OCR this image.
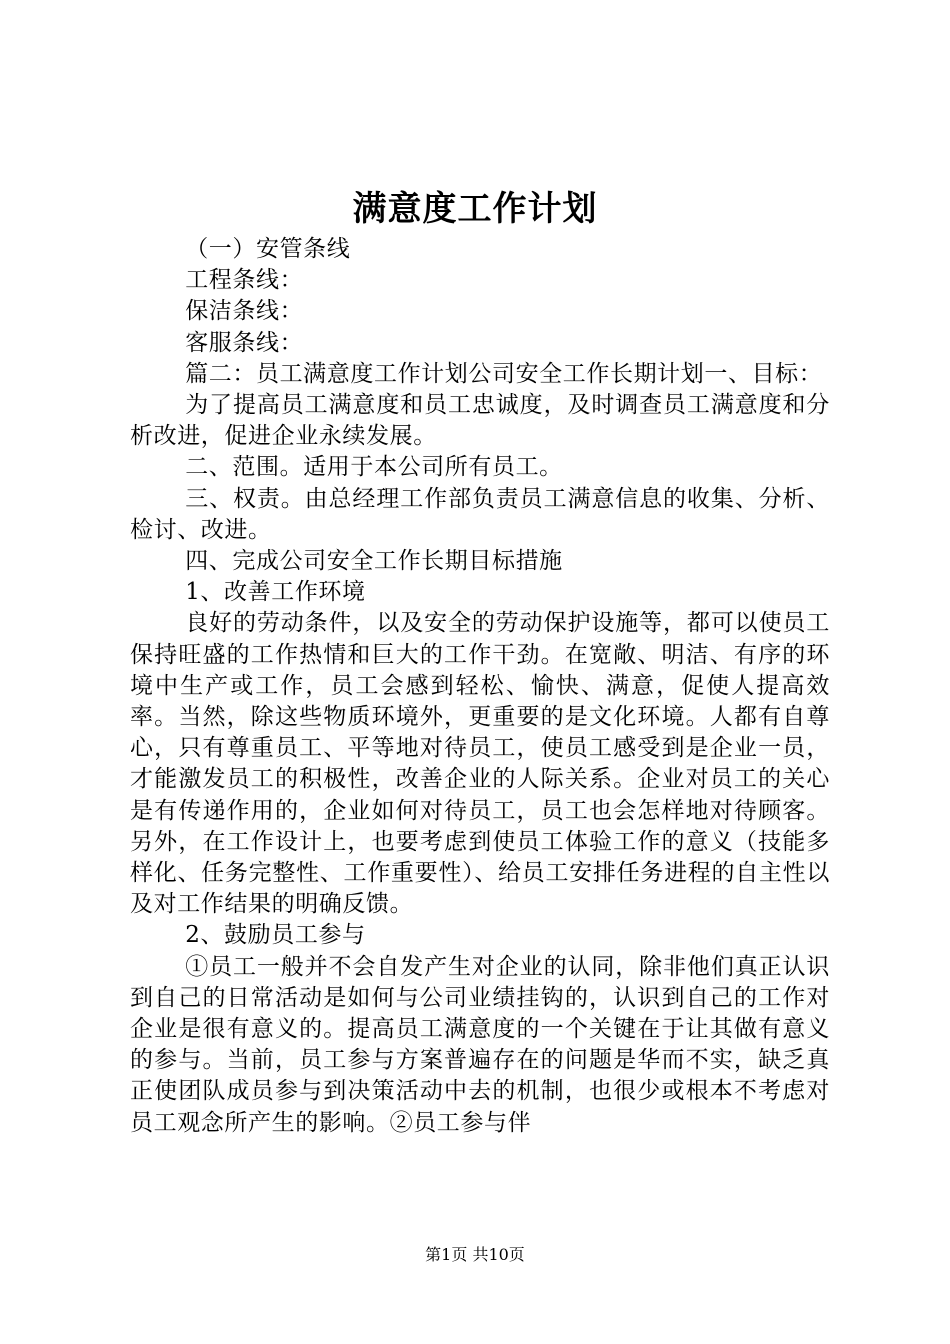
满意度工作计划

（一）安管条线

工程条线：

保洁条线：

客服条线：

篇二：员工满意度工作计划公司安全工作长期计划一、目标：

为了提高员工满意度和员工忠诚度，及时调查员工满意度和分析改进，促进企业永续发展。

二、范围。适用于本公司所有员工。

三、权责。由总经理工作部负责员工满意信息的收集、分析、检讨、改进。

四、完成公司安全工作长期目标措施

1、改善工作环境

良好的劳动条件，以及安全的劳动保护设施等，都可以使员工保持旺盛的工作热情和巨大的工作干劲。在宽敞、明洁、有序的环境中生产或工作，员工会感到轻松、愉快、满意，促使人提高效率。当然，除这些物质环境外，更重要的是文化环境。人都有自尊心，只有尊重员工、平等地对待员工，使员工感受到是企业一员，才能激发员工的积极性，改善企业的人际关系。企业对员工的关心是有传递作用的，企业如何对待员工，员工也会怎样地对待顾客。另外，在工作设计上，也要考虑到使员工体验工作的意义（技能多样化、任务完整性、工作重要性）、给员工安排任务进程的自主性以及对工作结果的明确反馈。

2、鼓励员工参与

①员工一般并不会自发产生对企业的认同，除非他们真正认识到自己的日常活动是如何与公司业绩挂钩的，认识到自己的工作对企业是很有意义的。提高员工满意度的一个关键在于让其做有意义的参与。当前，员工参与方案普遍存在的问题是华而不实，缺乏真正使团队成员参与到决策活动中去的机制，也很少或根本不考虑对员工观念所产生的影响。②员工参与伴

第1页 共10页
